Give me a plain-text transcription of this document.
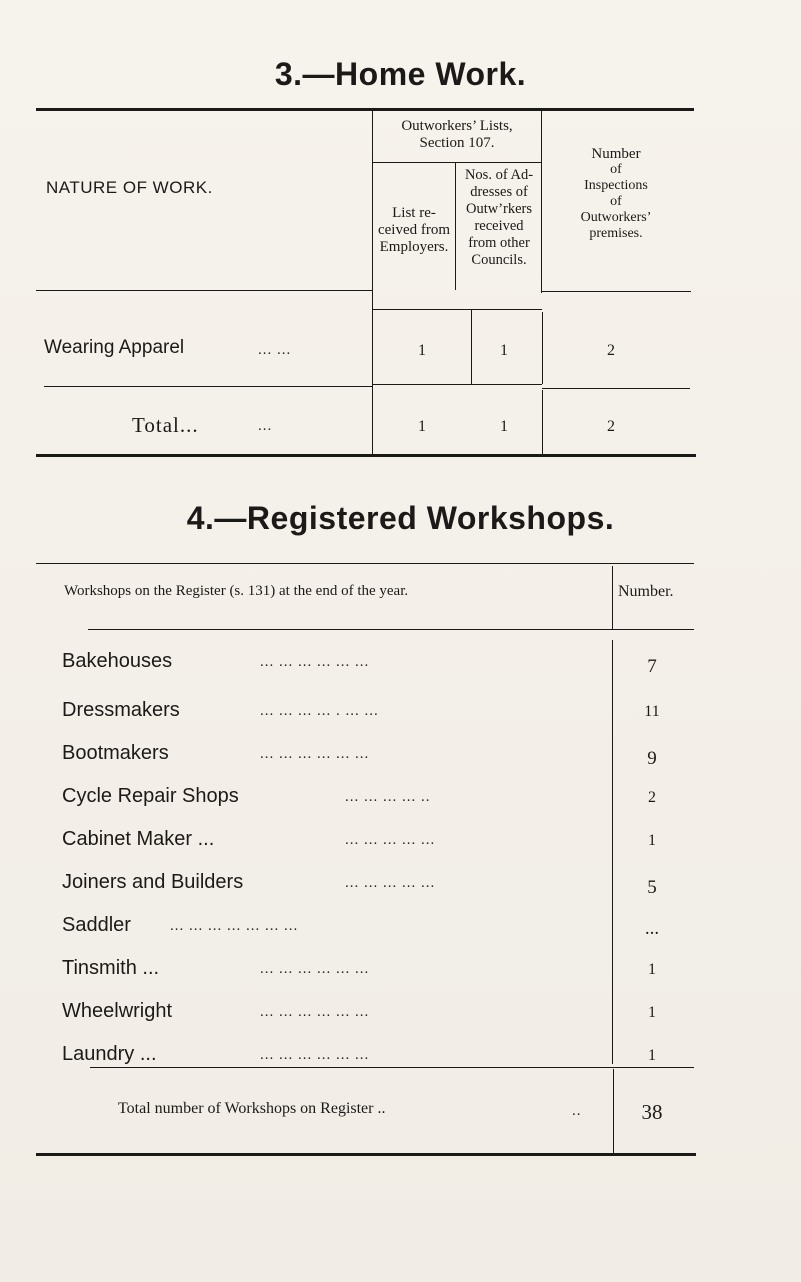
3.—Home Work.
Outworkers’ Lists,
Section 107.
NATURE OF WORK.
List re-
ceived from
Employers.
Nos. of Ad-
dresses of
Outw’rkers
received
from other
Councils.
Number
of
Inspections
of
Outworkers’
premises.
Wearing Apparel	... ...	1	1	2
Total...	...	1	1	2
4.—Registered Workshops.
Workshops on the Register (s. 131) at the end of the year.	Number.
Bakehouses	... ... ... ... ... ...	7
Dressmakers	... ... ... ... . ... ...	11
Bootmakers	... ... ... ... ... ...	9
Cycle Repair Shops	... ... ... ... ..	2
Cabinet Maker ...	... ... ... ... ...	1
Joiners and Builders	... ... ... ... ...	5
Saddler	... ... ... ... ... ... ...	...
Tinsmith ...	... ... ... ... ... ...	1
Wheelwright	... ... ... ... ... ...	1
Laundry ...	... ... ... ... ... ...	1
Total number of Workshops on Register ..	..	38
